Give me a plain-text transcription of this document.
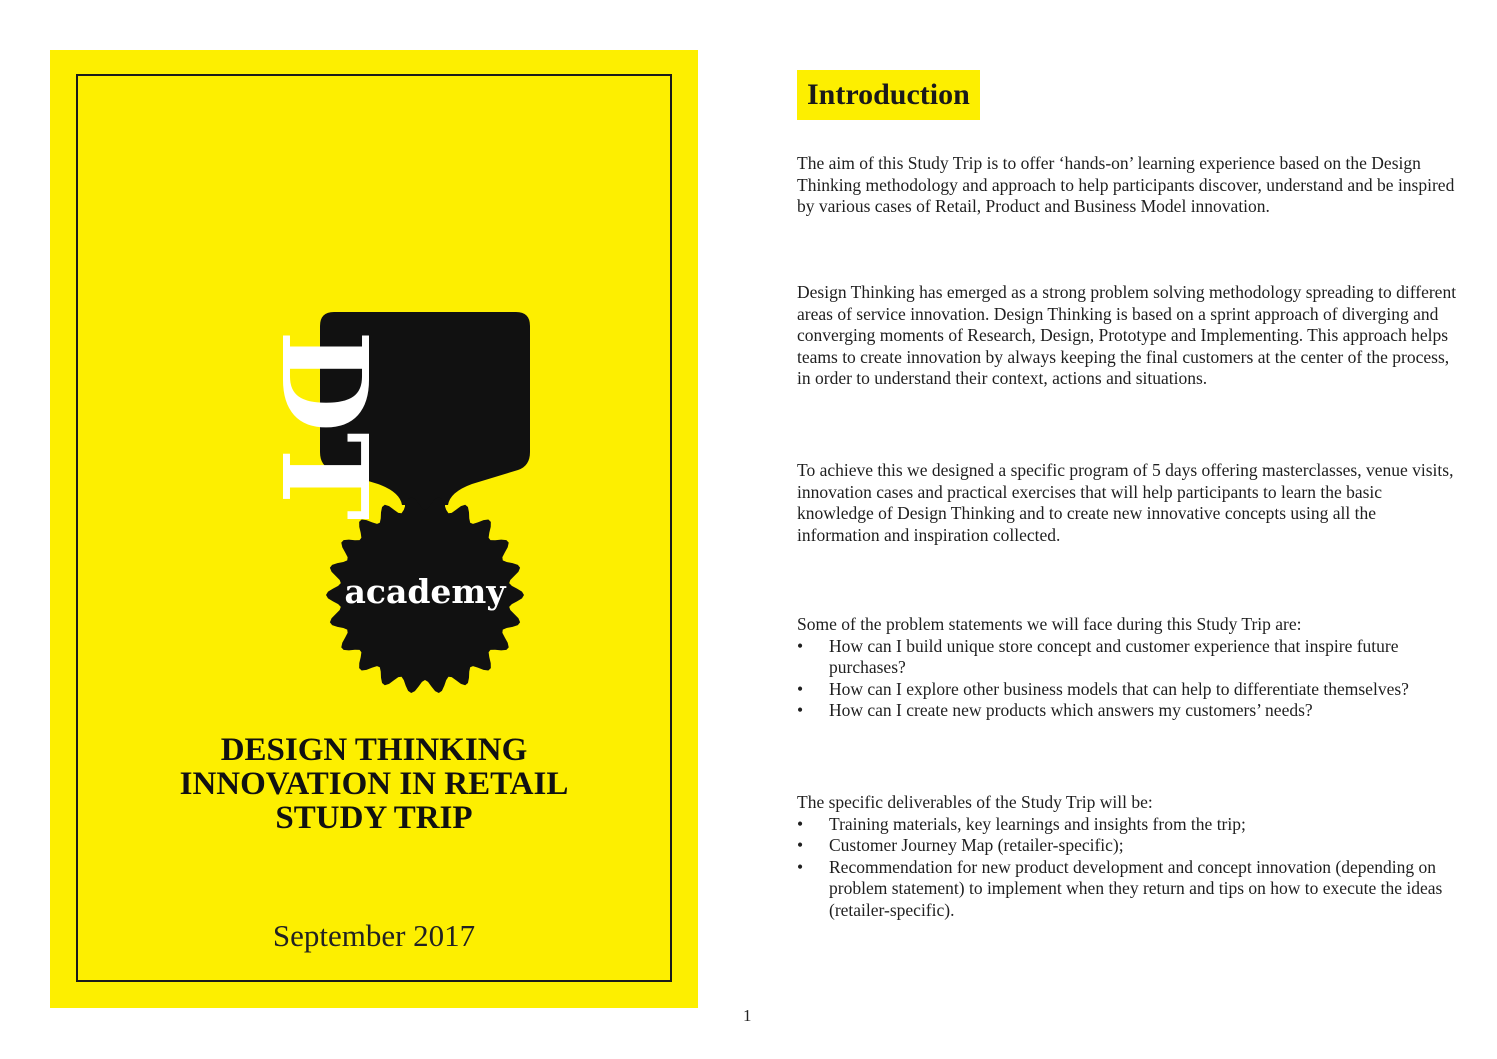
DT
academy
DESIGN THINKING
INNOVATION IN RETAIL
STUDY TRIP
September 2017
Introduction

The aim of this Study Trip is to offer ‘hands-on’ learning experience based on the Design Thinking methodology and approach to help participants discover, understand and be inspired by various cases of Retail, Product and Business Model innovation.

Design Thinking has emerged as a strong problem solving methodology spreading to different areas of service innovation. Design Thinking is based on a sprint approach of diverging and converging moments of Research, Design, Prototype and Implementing. This approach helps teams to create innovation by always keeping the final customers at the center of the process, in order to understand their context, actions and situations.

To achieve this we designed a specific program of 5 days offering masterclasses, venue visits, innovation cases and practical exercises that will help participants to learn the basic knowledge of Design Thinking and to create new innovative concepts using all the information and inspiration collected.

Some of the problem statements we will face during this Study Trip are:

• How can I build unique store concept and customer experience that inspire future purchases?
• How can I explore other business models that can help to differentiate themselves?
• How can I create new products which answers my customers’ needs?

The specific deliverables of the Study Trip will be:

• Training materials, key learnings and insights from the trip;
• Customer Journey Map (retailer-specific);
• Recommendation for new product development and concept innovation (depending on problem statement) to implement when they return and tips on how to execute the ideas (retailer-specific).
1
